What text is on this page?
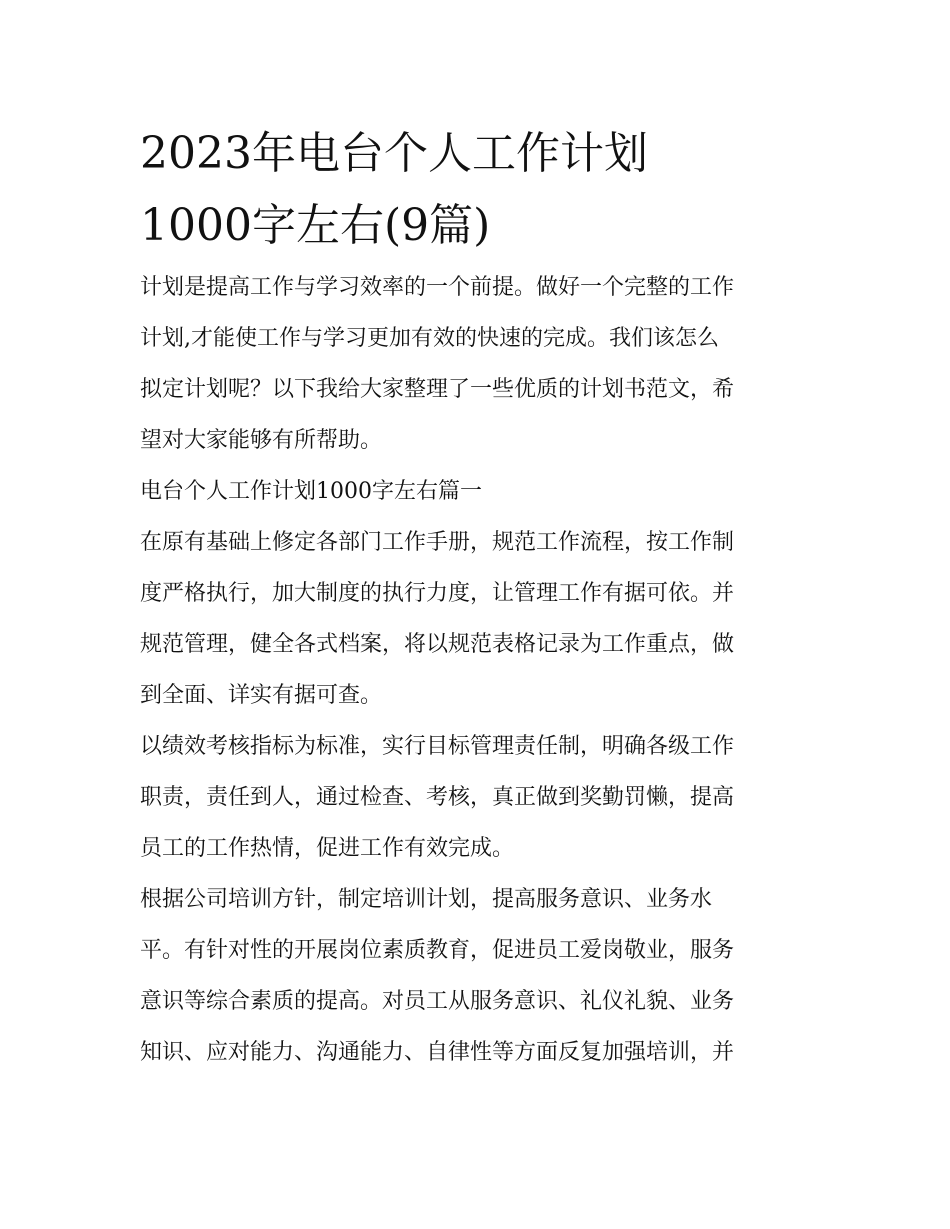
2023年电台个人工作计划
1000字左右(9篇)
计划是提高工作与学习效率的一个前提。做好一个完整的工作
计划,才能使工作与学习更加有效的快速的完成。我们该怎么
拟定计划呢？以下我给大家整理了一些优质的计划书范文，希
望对大家能够有所帮助。
电台个人工作计划1000字左右篇一
在原有基础上修定各部门工作手册，规范工作流程，按工作制
度严格执行，加大制度的执行力度，让管理工作有据可依。并
规范管理，健全各式档案，将以规范表格记录为工作重点，做
到全面、详实有据可查。
以绩效考核指标为标准，实行目标管理责任制，明确各级工作
职责，责任到人，通过检查、考核，真正做到奖勤罚懒，提高
员工的工作热情，促进工作有效完成。
根据公司培训方针，制定培训计划，提高服务意识、业务水
平。有针对性的开展岗位素质教育，促进员工爱岗敬业，服务
意识等综合素质的提高。对员工从服务意识、礼仪礼貌、业务
知识、应对能力、沟通能力、自律性等方面反复加强培训，并
